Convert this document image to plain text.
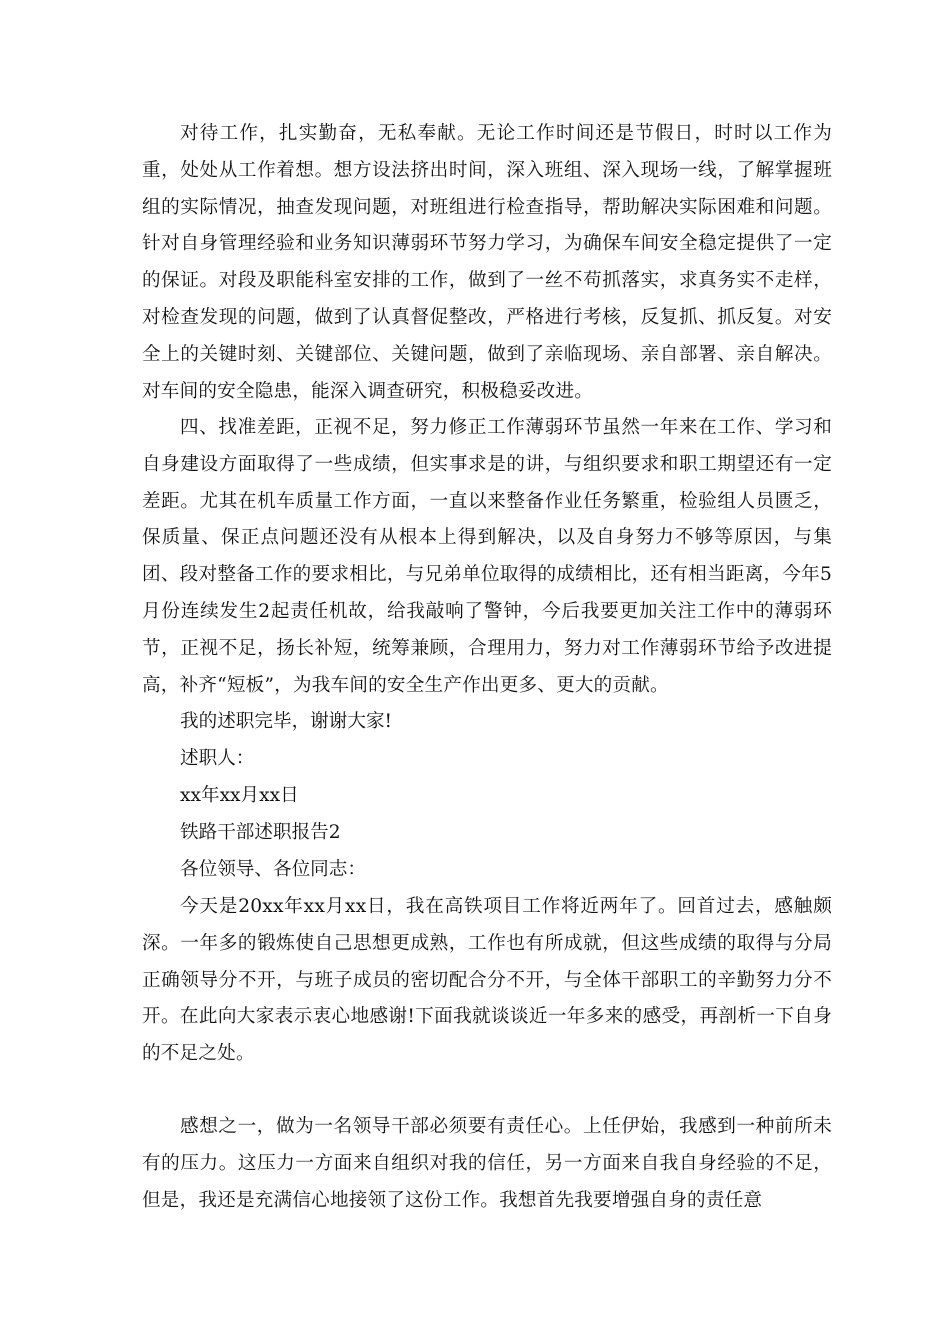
对待工作，扎实勤奋，无私奉献。无论工作时间还是节假日，时时以工作为重，处处从工作着想。想方设法挤出时间，深入班组、深入现场一线，了解掌握班组的实际情况，抽查发现问题，对班组进行检查指导，帮助解决实际困难和问题。针对自身管理经验和业务知识薄弱环节努力学习，为确保车间安全稳定提供了一定的保证。对段及职能科室安排的工作，做到了一丝不苟抓落实，求真务实不走样，对检查发现的问题，做到了认真督促整改，严格进行考核，反复抓、抓反复。对安全上的关键时刻、关键部位、关键问题，做到了亲临现场、亲自部署、亲自解决。对车间的安全隐患，能深入调查研究，积极稳妥改进。

四、找准差距，正视不足，努力修正工作薄弱环节虽然一年来在工作、学习和自身建设方面取得了一些成绩，但实事求是的讲，与组织要求和职工期望还有一定差距。尤其在机车质量工作方面，一直以来整备作业任务繁重，检验组人员匮乏，保质量、保正点问题还没有从根本上得到解决，以及自身努力不够等原因，与集团、段对整备工作的要求相比，与兄弟单位取得的成绩相比，还有相当距离，今年5月份连续发生2起责任机故，给我敲响了警钟，今后我要更加关注工作中的薄弱环节，正视不足，扬长补短，统筹兼顾，合理用力，努力对工作薄弱环节给予改进提高，补齐“短板”，为我车间的安全生产作出更多、更大的贡献。

我的述职完毕，谢谢大家!

述职人：

xx年xx月xx日

铁路干部述职报告2

各位领导、各位同志：

今天是20xx年xx月xx日，我在高铁项目工作将近两年了。回首过去，感触颇深。一年多的锻炼使自己思想更成熟，工作也有所成就，但这些成绩的取得与分局正确领导分不开，与班子成员的密切配合分不开，与全体干部职工的辛勤努力分不开。在此向大家表示衷心地感谢!下面我就谈谈近一年多来的感受，再剖析一下自身的不足之处。

感想之一，做为一名领导干部必须要有责任心。上任伊始，我感到一种前所未有的压力。这压力一方面来自组织对我的信任，另一方面来自我自身经验的不足，但是，我还是充满信心地接领了这份工作。我想首先我要增强自身的责任意
